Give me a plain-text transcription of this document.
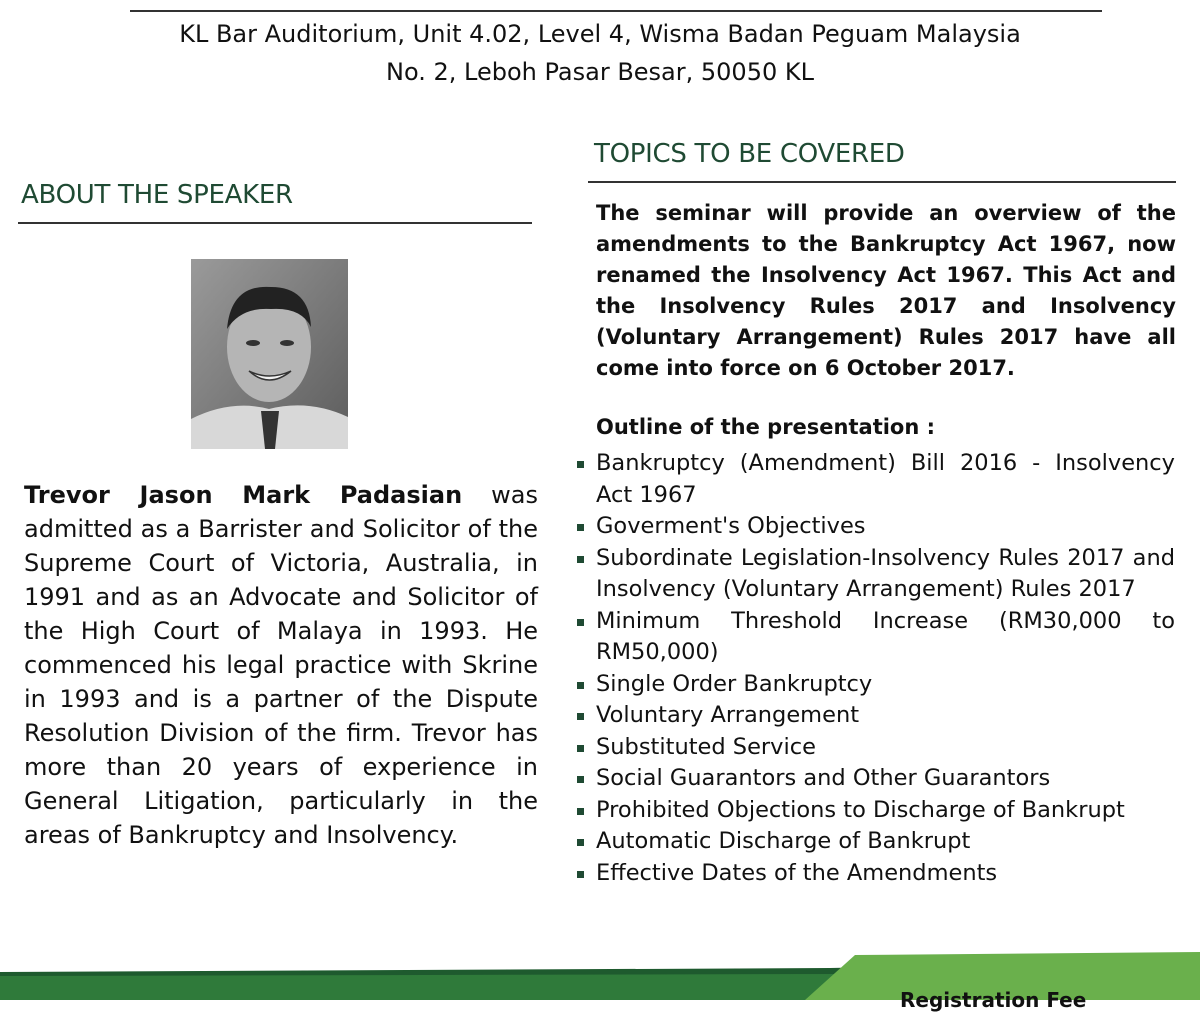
KL Bar Auditorium, Unit 4.02, Level 4, Wisma Badan Peguam Malaysia
No. 2, Leboh Pasar Besar, 50050 KL
ABOUT THE SPEAKER
Trevor Jason Mark Padasian was admitted as a Barrister and Solicitor of the Supreme Court of Victoria, Australia, in 1991 and as an Advocate and Solicitor of the High Court of Malaya in 1993. He commenced his legal practice with Skrine in 1993 and is a partner of the Dispute Resolution Division of the firm. Trevor has more than 20 years of experience in General Litigation, particularly in the areas of Bankruptcy and Insolvency.
TOPICS TO BE COVERED
The seminar will provide an overview of the amendments to the Bankruptcy Act 1967, now renamed the Insolvency Act 1967. This Act and the Insolvency Rules 2017 and Insolvency (Voluntary Arrangement) Rules 2017 have all come into force on 6 October 2017.
Outline of the presentation :
Bankruptcy (Amendment) Bill 2016 - Insolvency Act 1967
Goverment's Objectives
Subordinate Legislation-Insolvency Rules 2017 and Insolvency (Voluntary Arrangement) Rules 2017
Minimum Threshold Increase (RM30,000 to RM50,000)
Single Order Bankruptcy
Voluntary Arrangement
Substituted Service
Social Guarantors and Other Guarantors
Prohibited Objections to Discharge of Bankrupt
Automatic Discharge of Bankrupt
Effective Dates of the Amendments
Registration Fee
